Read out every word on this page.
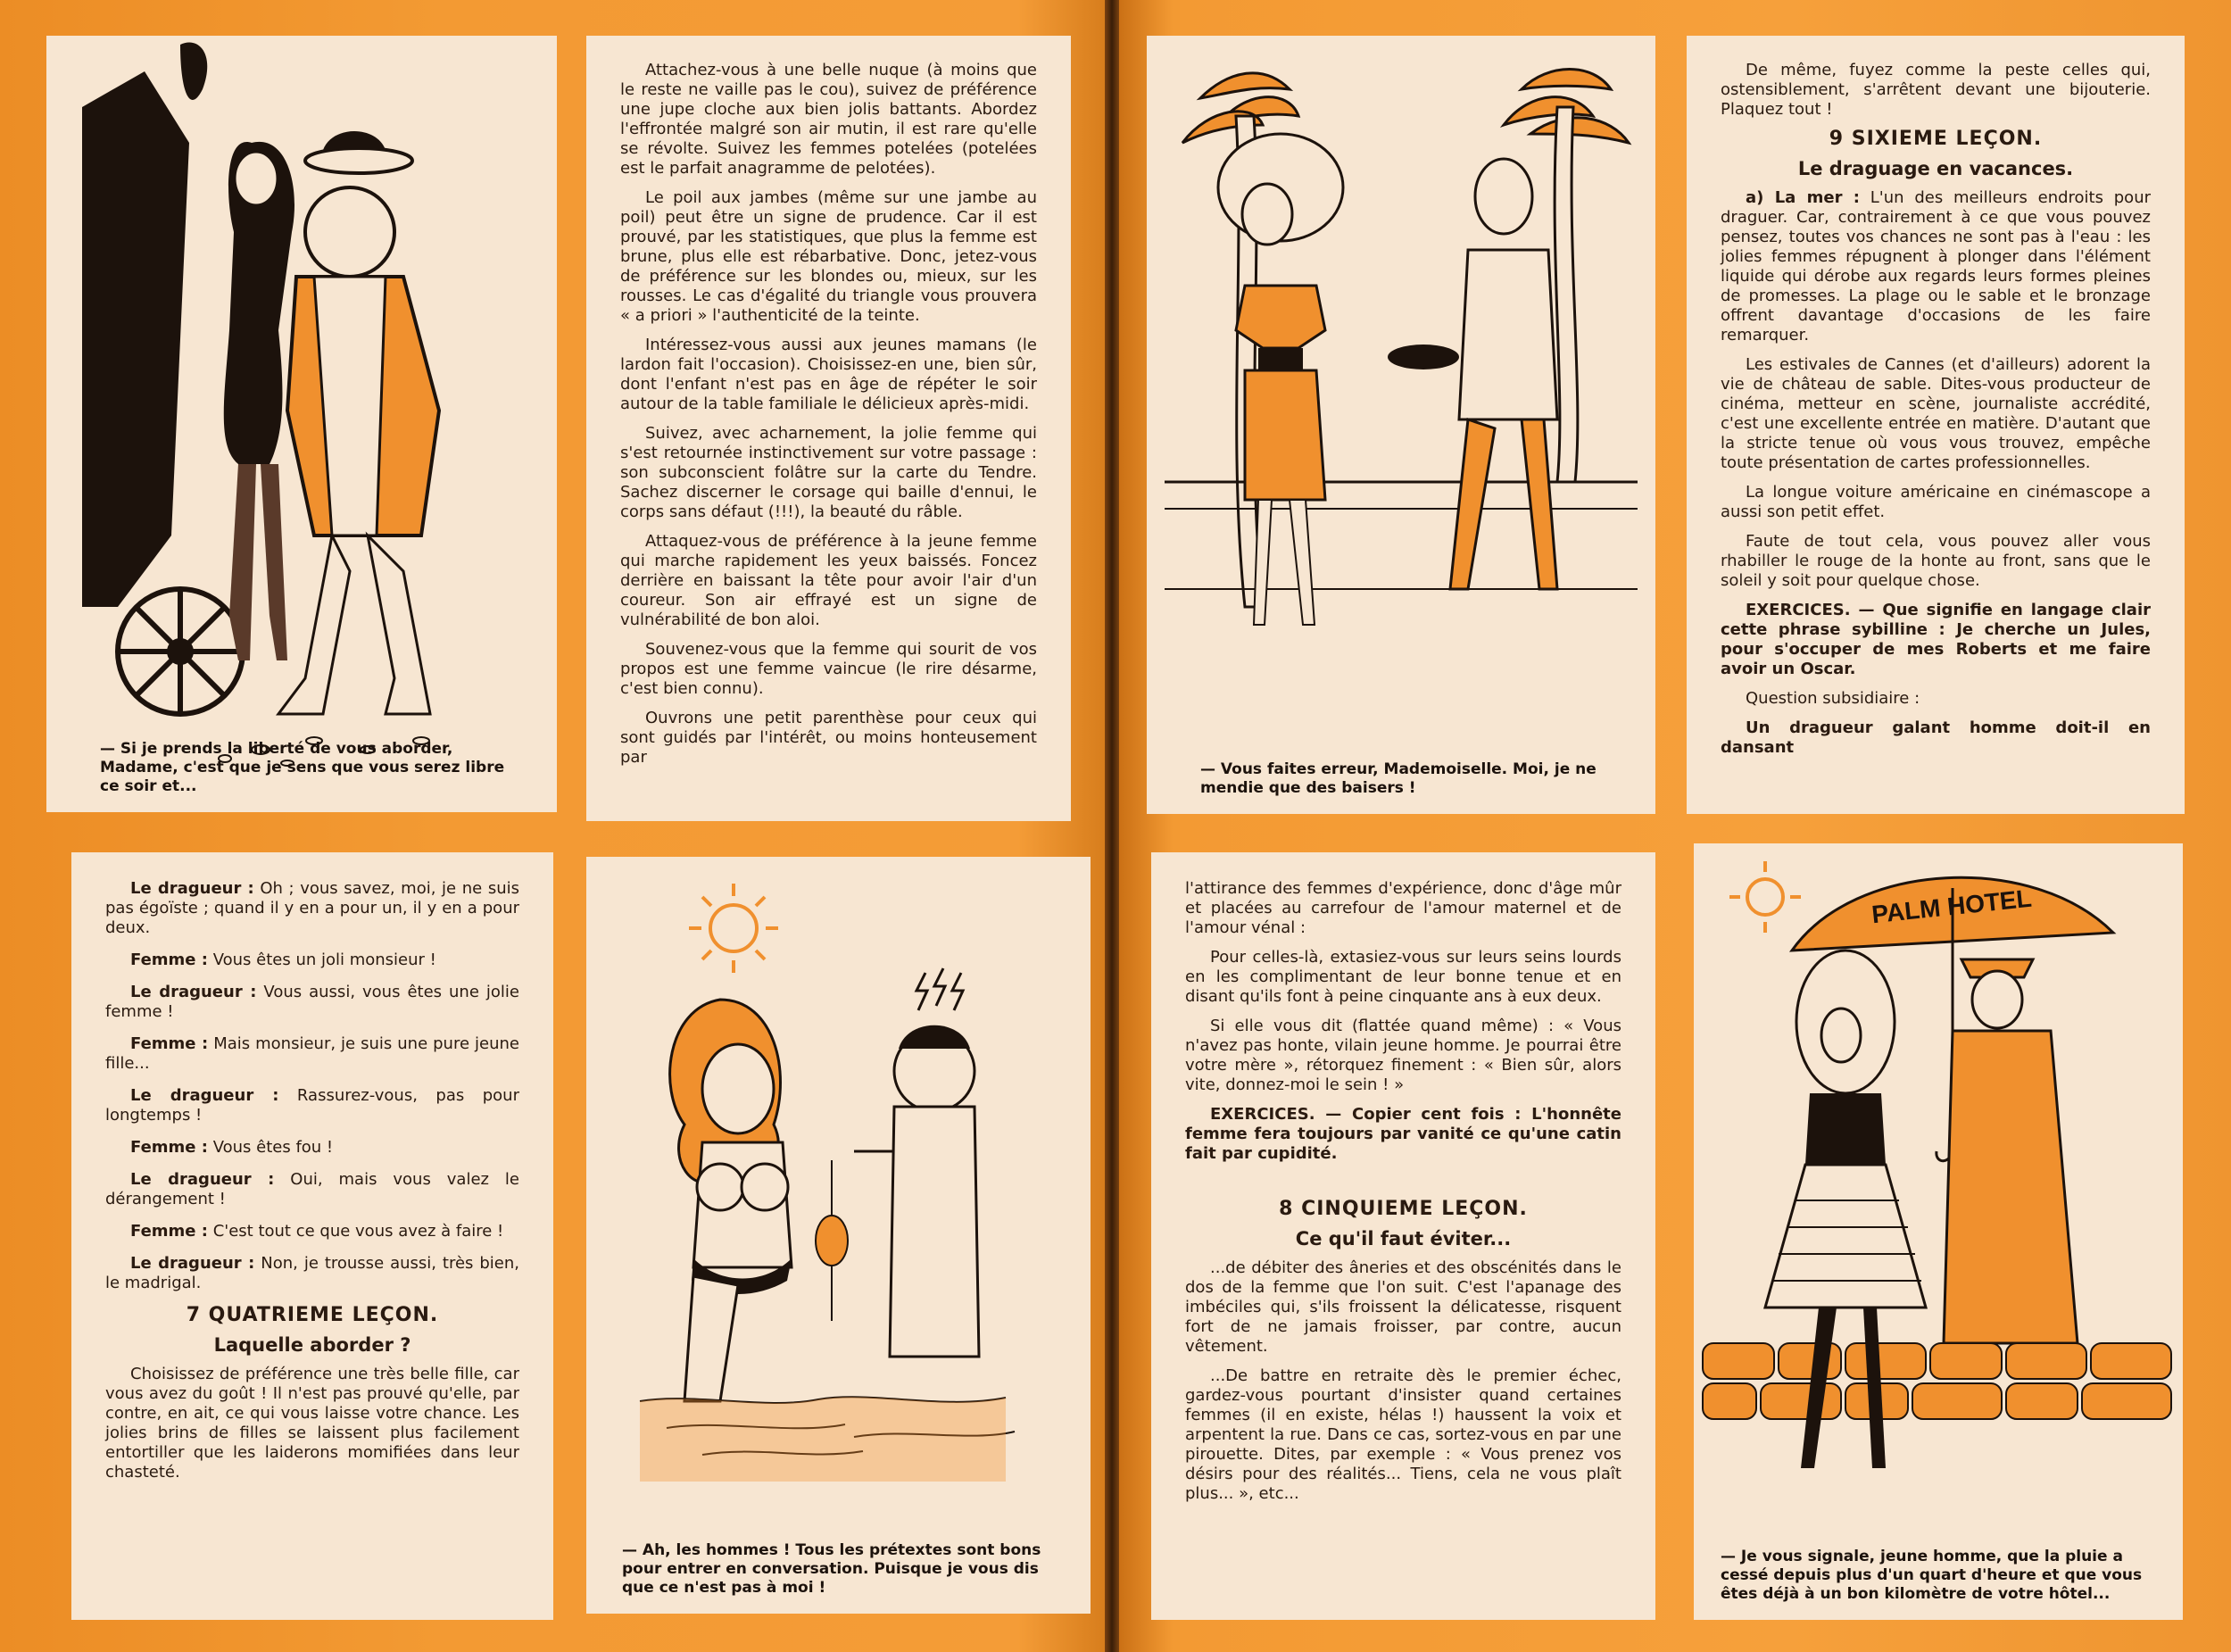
— Si je prends la liberté de vous aborder, Madame, c'est que je sens que vous serez libre ce soir et...

Attachez-vous à une belle nuque (à moins que le reste ne vaille pas le cou), suivez de préférence une jupe cloche aux bien jolis battants. Abordez l'effrontée malgré son air mutin, il est rare qu'elle se révolte. Suivez les femmes potelées (potelées est le parfait anagramme de pelotées).

Le poil aux jambes (même sur une jambe au poil) peut être un signe de prudence. Car il est prouvé, par les statistiques, que plus la femme est brune, plus elle est rébarbative. Donc, jetez-vous de préférence sur les blondes ou, mieux, sur les rousses. Le cas d'égalité du triangle vous prouvera « a priori » l'authenticité de la teinte.

Intéressez-vous aussi aux jeunes mamans (le lardon fait l'occasion). Choisissez-en une, bien sûr, dont l'enfant n'est pas en âge de répéter le soir autour de la table familiale le délicieux après-midi.

Suivez, avec acharnement, la jolie femme qui s'est retournée instinctivement sur votre passage : son subconscient folâtre sur la carte du Tendre. Sachez discerner le corsage qui baille d'ennui, le corps sans défaut (!!!), la beauté du râble.

Attaquez-vous de préférence à la jeune femme qui marche rapidement les yeux baissés. Foncez derrière en baissant la tête pour avoir l'air d'un coureur. Son air effrayé est un signe de vulnérabilité de bon aloi.

Souvenez-vous que la femme qui sourit de vos propos est une femme vaincue (le rire désarme, c'est bien connu).

Ouvrons une petit parenthèse pour ceux qui sont guidés par l'intérêt, ou moins honteusement par

Le dragueur : Oh ; vous savez, moi, je ne suis pas égoïste ; quand il y en a pour un, il y en a pour deux.

Femme : Vous êtes un joli monsieur !

Le dragueur : Vous aussi, vous êtes une jolie femme !

Femme : Mais monsieur, je suis une pure jeune fille...

Le dragueur : Rassurez-vous, pas pour longtemps !

Femme : Vous êtes fou !

Le dragueur : Oui, mais vous valez le dérangement !

Femme : C'est tout ce que vous avez à faire !

Le dragueur : Non, je trousse aussi, très bien, le madrigal.

7 QUATRIEME LEÇON.

Laquelle aborder ?

Choisissez de préférence une très belle fille, car vous avez du goût ! Il n'est pas prouvé qu'elle, par contre, en ait, ce qui vous laisse votre chance. Les jolies brins de filles se laissent plus facilement entortiller que les laiderons momifiées dans leur chasteté.

— Ah, les hommes ! Tous les prétextes sont bons pour entrer en conversation. Puisque je vous dis que ce n'est pas à moi !
— Vous faites erreur, Mademoiselle. Moi, je ne mendie que des baisers !

De même, fuyez comme la peste celles qui, ostensiblement, s'arrêtent devant une bijouterie. Plaquez tout !

9 SIXIEME LEÇON.

Le draguage en vacances.

a) La mer : L'un des meilleurs endroits pour draguer. Car, contrairement à ce que vous pouvez pensez, toutes vos chances ne sont pas à l'eau : les jolies femmes répugnent à plonger dans l'élément liquide qui dérobe aux regards leurs formes pleines de promesses. La plage ou le sable et le bronzage offrent davantage d'occasions de les faire remarquer.

Les estivales de Cannes (et d'ailleurs) adorent la vie de château de sable. Dites-vous producteur de cinéma, metteur en scène, journaliste accrédité, c'est une excellente entrée en matière. D'autant que la stricte tenue où vous vous trouvez, empêche toute présentation de cartes professionnelles.

La longue voiture américaine en cinémascope a aussi son petit effet.

Faute de tout cela, vous pouvez aller vous rhabiller le rouge de la honte au front, sans que le soleil y soit pour quelque chose.

EXERCICES. — Que signifie en langage clair cette phrase sybilline : Je cherche un Jules, pour s'occuper de mes Roberts et me faire avoir un Oscar.

Question subsidiaire :

Un dragueur galant homme doit-il en dansant

l'attirance des femmes d'expérience, donc d'âge mûr et placées au carrefour de l'amour maternel et de l'amour vénal :

Pour celles-là, extasiez-vous sur leurs seins lourds en les complimentant de leur bonne tenue et en disant qu'ils font à peine cinquante ans à eux deux.

Si elle vous dit (flattée quand même) : « Vous n'avez pas honte, vilain jeune homme. Je pourrai être votre mère », rétorquez finement : « Bien sûr, alors vite, donnez-moi le sein ! »

EXERCICES. — Copier cent fois : L'honnête femme fera toujours par vanité ce qu'une catin fait par cupidité.

8 CINQUIEME LEÇON.

Ce qu'il faut éviter...

...de débiter des âneries et des obscénités dans le dos de la femme que l'on suit. C'est l'apanage des imbéciles qui, s'ils froissent la délicatesse, risquent fort de ne jamais froisser, par contre, aucun vêtement.

...De battre en retraite dès le premier échec, gardez-vous pourtant d'insister quand certaines femmes (il en existe, hélas !) haussent la voix et arpentent la rue. Dans ce cas, sortez-vous en par une pirouette. Dites, par exemple : « Vous prenez vos désirs pour des réalités... Tiens, cela ne vous plaît plus... », etc...

PALM HOTEL
— Je vous signale, jeune homme, que la pluie a cessé depuis plus d'un quart d'heure et que vous êtes déjà à un bon kilomètre de votre hôtel...
